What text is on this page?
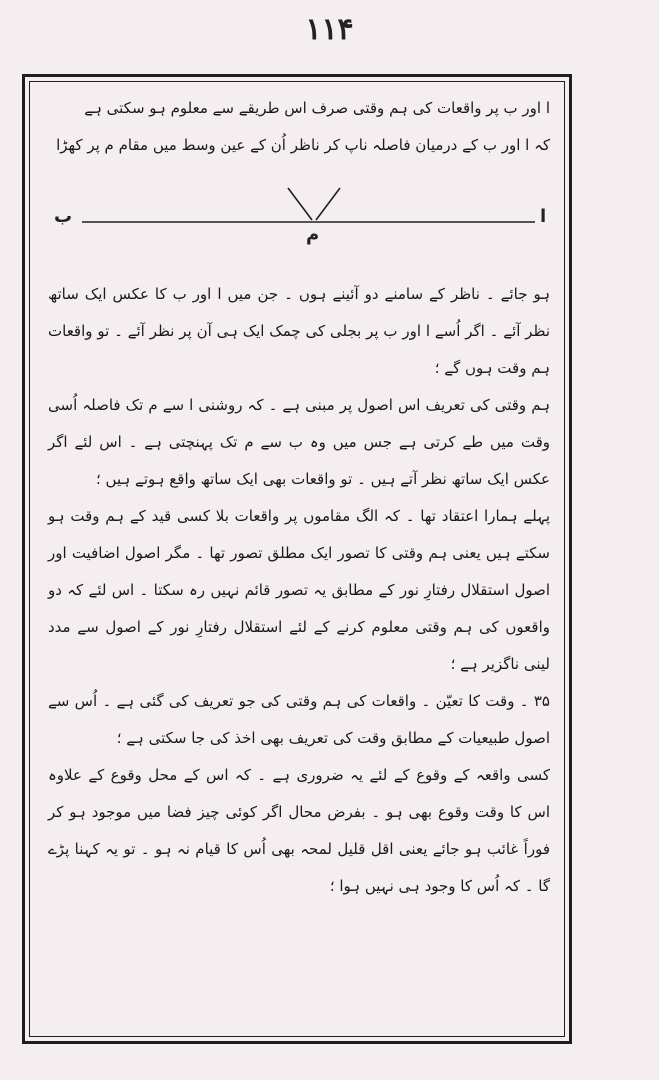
۱۱۴

ا اور ب پر واقعات کی ہم وقتی صرف اس طریقے سے معلوم ہو سکتی ہے

کہ ا اور ب کے درمیان فاصلہ ناپ کر ناظر اُن کے عین وسط میں مقام م پر کھڑا

ب
م
ا

ہو جائے ۔ ناظر کے سامنے دو آئینے ہوں ۔ جن میں ا اور ب کا عکس ایک ساتھ نظر آئے ۔ اگر اُسے ا اور ب پر بجلی کی چمک ایک ہی آن پر نظر آئے ۔ تو واقعات ہم وقت ہوں گے ؛

ہم وقتی کی تعریف اس اصول پر مبنی ہے ۔ کہ روشنی ا سے م تک فاصلہ اُسی وقت میں طے کرتی ہے جس میں وہ ب سے م تک پہنچتی ہے ۔ اس لئے اگر عکس ایک ساتھ نظر آتے ہیں ۔ تو واقعات بھی ایک ساتھ واقع ہوتے ہیں ؛

پہلے ہمارا اعتقاد تھا ۔ کہ الگ مقاموں پر واقعات بلا کسی قید کے ہم وقت ہو سکتے ہیں یعنی ہم وقتی کا تصور ایک مطلق تصور تھا ۔ مگر اصول اضافیت اور اصول استقلال رفتارِ نور کے مطابق یہ تصور قائم نہیں رہ سکتا ۔ اس لئے کہ دو واقعوں کی ہم وقتی معلوم کرنے کے لئے استقلال رفتارِ نور کے اصول سے مدد لینی ناگزیر ہے ؛

۳۵ ۔ وقت کا تعیّن ۔ واقعات کی ہم وقتی کی جو تعریف کی گئی ہے ۔ اُس سے اصول طبیعیات کے مطابق وقت کی تعریف بھی اخذ کی جا سکتی ہے ؛

کسی واقعہ کے وقوع کے لئے یہ ضروری ہے ۔ کہ اس کے محل وقوع کے علاوہ اس کا وقت وقوع بھی ہو ۔ بفرض محال اگر کوئی چیز فضا میں موجود ہو کر فوراً غائب ہو جائے یعنی اقل قلیل لمحہ بھی اُس کا قیام نہ ہو ۔ تو یہ کہنا پڑے گا ۔ کہ اُس کا وجود ہی نہیں ہوا ؛
